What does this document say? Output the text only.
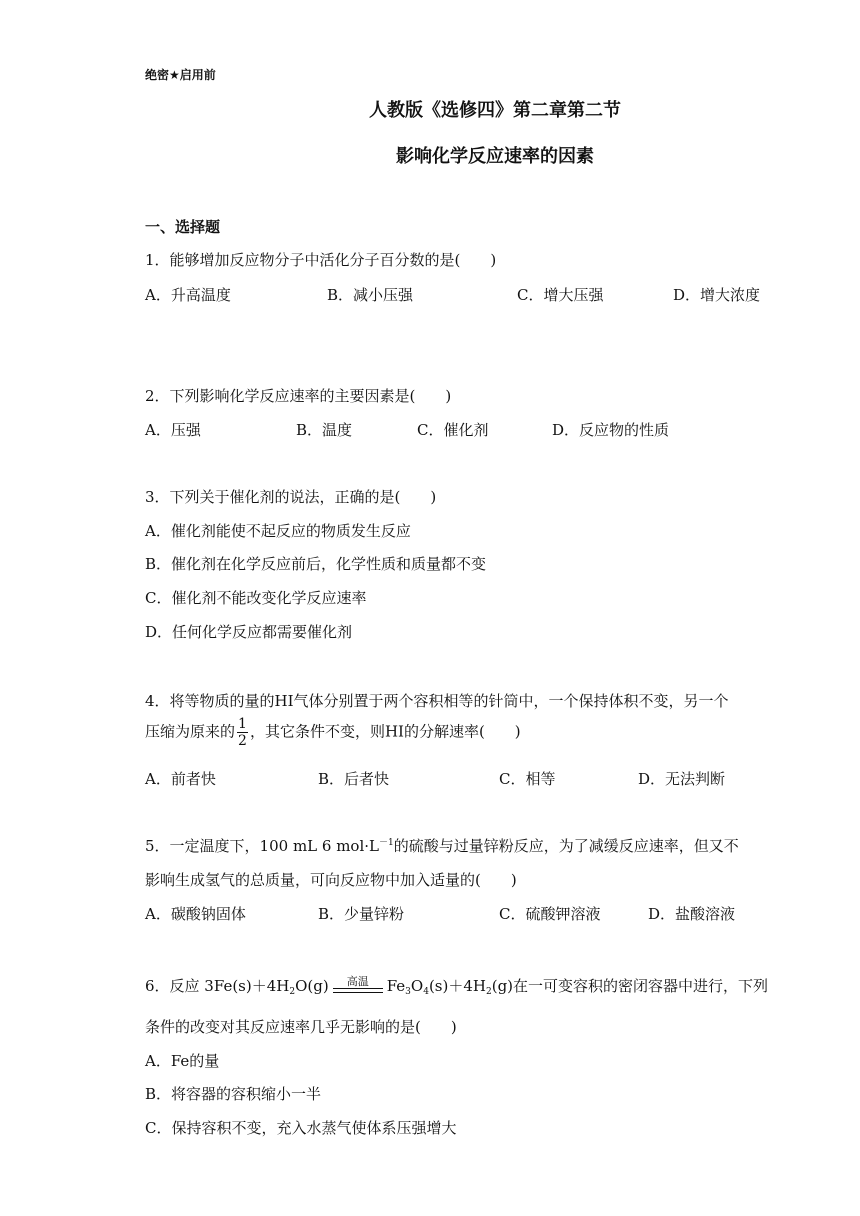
绝密★启用前
人教版《选修四》第二章第二节
影响化学反应速率的因素
一、选择题
1．能够增加反应物分子中活化分子百分数的是(　　)
A．升高温度	B．减小压强	C．增大压强	D．增大浓度
2．下列影响化学反应速率的主要因素是(　　)
A．压强	B．温度	C．催化剂	D．反应物的性质
3．下列关于催化剂的说法，正确的是(　　)
A．催化剂能使不起反应的物质发生反应
B．催化剂在化学反应前后，化学性质和质量都不变
C．催化剂不能改变化学反应速率
D．任何化学反应都需要催化剂
4．将等物质的量的HI气体分别置于两个容积相等的针筒中，一个保持体积不变，另一个
压缩为原来的 $\frac{1}{2}$ ，其它条件不变，则HI的分解速率(　　)
A．前者快	B．后者快	C．相等	D．无法判断
5．一定温度下，100 mL 6 $mol\cdot L^{-1}$的硫酸与过量锌粉反应，为了减缓反应速率，但又不
影响生成氢气的总质量，可向反应物中加入适量的(　　)
A．碳酸钠固体	B．少量锌粉	C．硫酸钾溶液	D．盐酸溶液
6．反应 $3Fe(s)+4H_2O(g)$	高温	$Fe_3O_4(s)+4H_2(g)$在一可变容积的密闭容器中进行，下列
条件的改变对其反应速率几乎无影响的是(　　)
A．Fe的量
B．将容器的容积缩小一半
C．保持容积不变，充入水蒸气使体系压强增大
